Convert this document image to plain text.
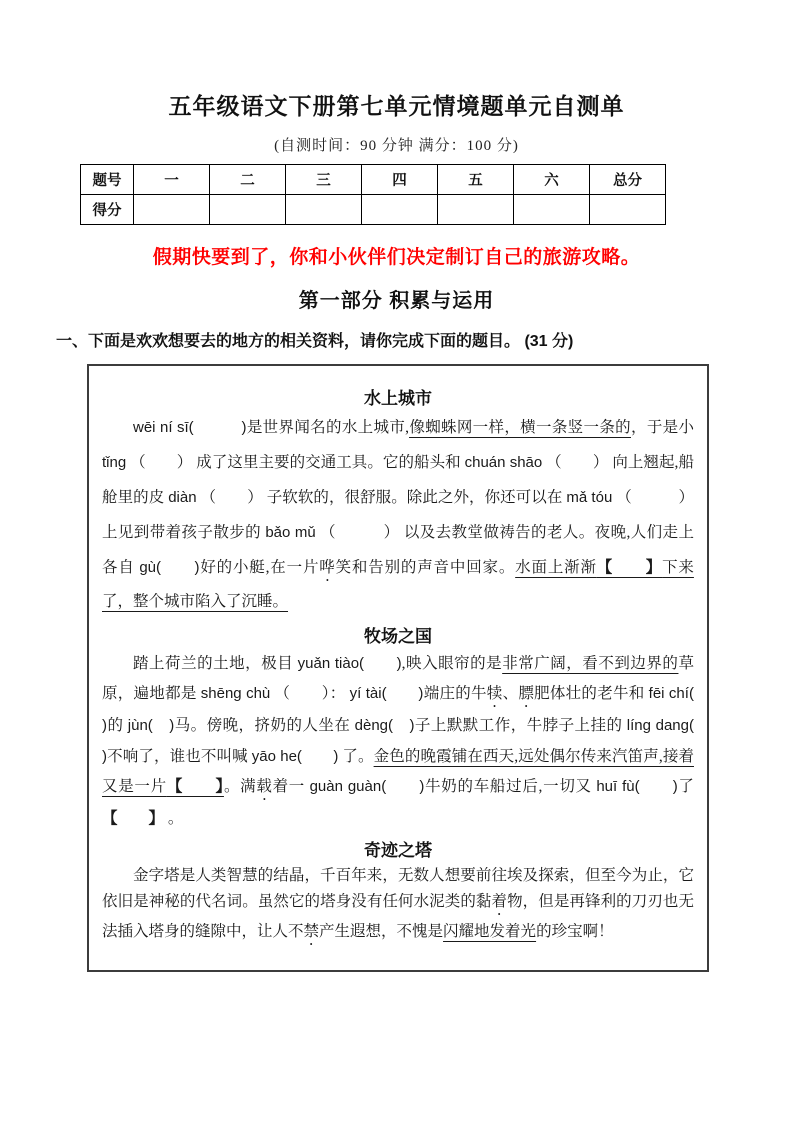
五年级语文下册第七单元情境题单元自测单
(自测时间：90 分钟 满分：100 分)
题号	一	二	三	四	五	六	总分
得分							
假期快要到了，你和小伙伴们决定制订自己的旅游攻略。
第一部分 积累与运用
一、下面是欢欢想要去的地方的相关资料，请你完成下面的题目。 (31 分)
水上城市

wēi ní sī(　　　	)是世界闻名的水上城市,像蜘蛛网一样，横一条竖一条的，于是小 tǐng （　　） 成了这里主要的交通工具。它的船头和 chuán shāo （　　） 向上翘起,船舱里的皮 diàn （　　） 子软软的，很舒服。除此之外，你还可以在 mǎ tóu （　　　） 上见到带着孩子散步的 bǎo mǔ （　　　） 以及去教堂做祷告的老人。夜晚,人们走上各自 gù(　　 )好的小艇,在一片哗笑和告别的声音中回家。水面上渐渐【　　】下来了，整个城市陷入了沉睡。

牧场之国

踏上荷兰的土地，极目 yuǎn tiào(　　 ),映入眼帘的是非常广阔，看不到边界的草原，遍地都是 shēng chù （　　）： yí tài(　　 )端庄的牛犊、膘肥体壮的老牛和 fēi chí(　　)的 jùn(　 )马。傍晚，挤奶的人坐在 dèng(　 )子上默默工作，牛脖子上挂的 líng dang(　　)不响了，谁也不叫喊 yāo he(　　 ) 了。金色的晚霞铺在西天,远处偶尔传来汽笛声,接着又是一片【　　】。满载着一 guàn guàn(　　 )牛奶的车船过后,一切又 huī fù(　　 )了 【　　】 。

奇迹之塔

金字塔是人类智慧的结晶，千百年来，无数人想要前往埃及探索，但至今为止，它依旧是神秘的代名词。虽然它的塔身没有任何水泥类的黏着物，但是再锋利的刀刃也无法插入塔身的缝隙中，让人不禁产生遐想，不愧是闪耀地发着光的珍宝啊！
